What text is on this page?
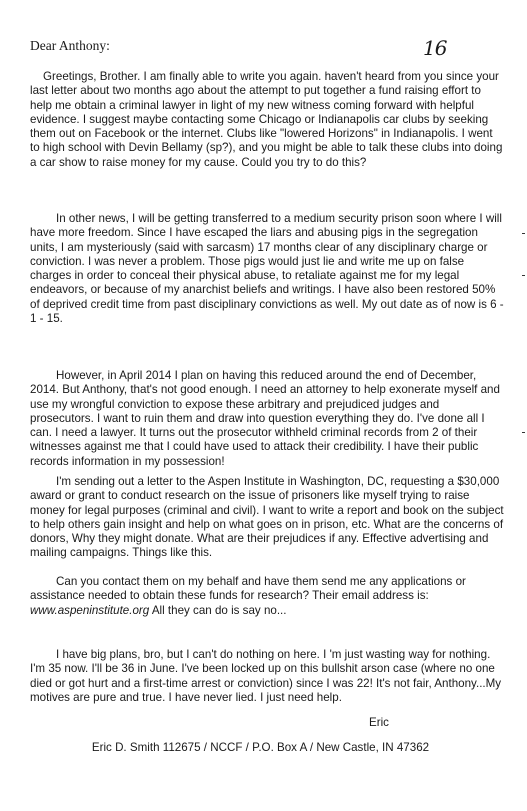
Dear Anthony:	16

Greetings, Brother. I am finally able to write you again. haven't heard from you since your last letter about two months ago about the attempt to put together a fund raising effort to help me obtain a criminal lawyer in light of my new witness coming forward with helpful evidence. I suggest maybe contacting some Chicago or Indianapolis car clubs by seeking them out on Facebook or the internet. Clubs like "lowered Horizons" in Indianapolis. I went to high school with Devin Bellamy (sp?), and you might be able to talk these clubs into doing a car show to raise money for my cause. Could you try to do this?

In other news, I will be getting transferred to a medium security prison soon where I will have more freedom. Since I have escaped the liars and abusing pigs in the segregation units, I am mysteriously (said with sarcasm) 17 months clear of any disciplinary charge or conviction. I was never a problem. Those pigs would just lie and write me up on false charges in order to conceal their physical abuse, to retaliate against me for my legal endeavors, or because of my anarchist beliefs and writings. I have also been restored 50% of deprived credit time from past disciplinary convictions as well. My out date as of now is 6 - 1 - 15.

However, in April 2014 I plan on having this reduced around the end of December, 2014. But Anthony, that's not good enough. I need an attorney to help exonerate myself and use my wrongful conviction to expose these arbitrary and prejudiced judges and prosecutors. I want to ruin them and draw into question everything they do. I've done all I can. I need a lawyer. It turns out the prosecutor withheld criminal records from 2 of their witnesses against me that I could have used to attack their credibility. I have their public records information in my possession!

I'm sending out a letter to the Aspen Institute in Washington, DC, requesting a $30,000 award or grant to conduct research on the issue of prisoners like myself trying to raise money for legal purposes (criminal and civil). I want to write a report and book on the subject to help others gain insight and help on what goes on in prison, etc. What are the concerns of donors, Why they might donate. What are their prejudices if any. Effective advertising and mailing campaigns. Things like this.

Can you contact them on my behalf and have them send me any applications or assistance needed to obtain these funds for research? Their email address is: www.aspeninstitute.org All they can do is say no...

I have big plans, bro, but I can't do nothing on here. I 'm just wasting way for nothing. I'm 35 now. I'll be 36 in June. I've been locked up on this bullshit arson case (where no one died or got hurt and a first-time arrest or conviction) since I was 22! It's not fair, Anthony...My motives are pure and true. I have never lied. I just need help.

Eric
Eric D. Smith 112675 / NCCF / P.O. Box A / New Castle, IN 47362
